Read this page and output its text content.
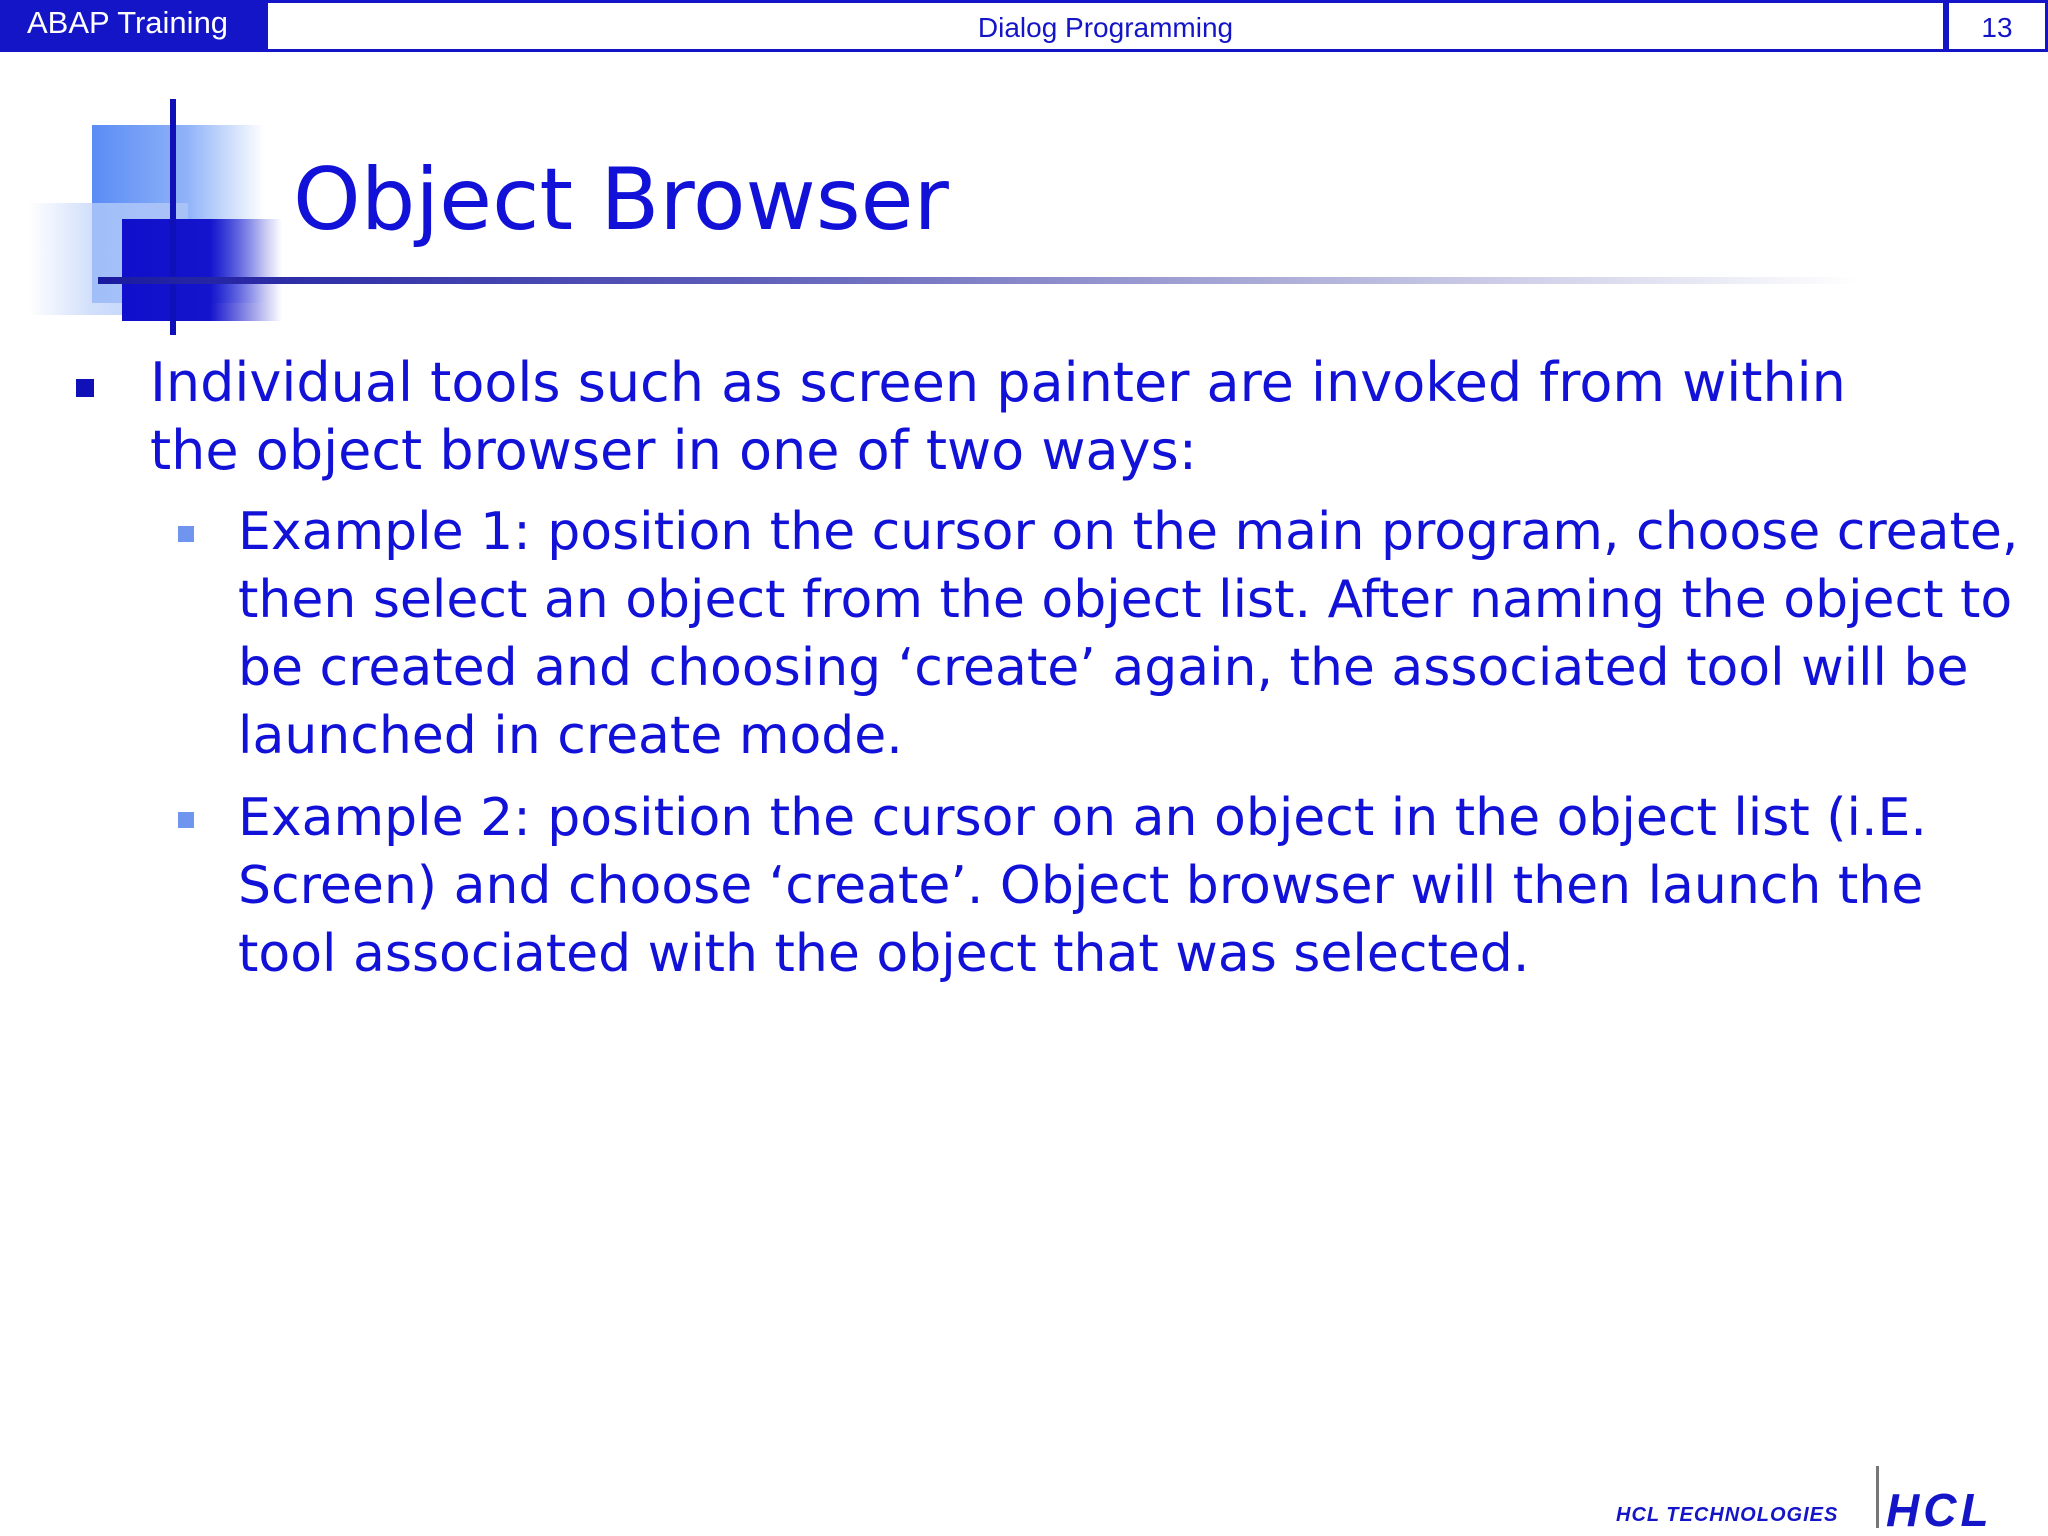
ABAP Training	Dialog Programming	13
Object Browser
Individual tools such as screen painter are invoked from within the object browser in one of two ways:
Example 1: position the cursor on the main program, choose create, then select an object from the object list. After naming the object to be created and choosing ‘create’ again, the associated tool will be launched in create mode.
Example 2: position the cursor on an object in the object list (i.E. Screen) and choose ‘create’. Object browser will then launch the tool associated with the object that was selected.
HCL TECHNOLOGIES HCL
